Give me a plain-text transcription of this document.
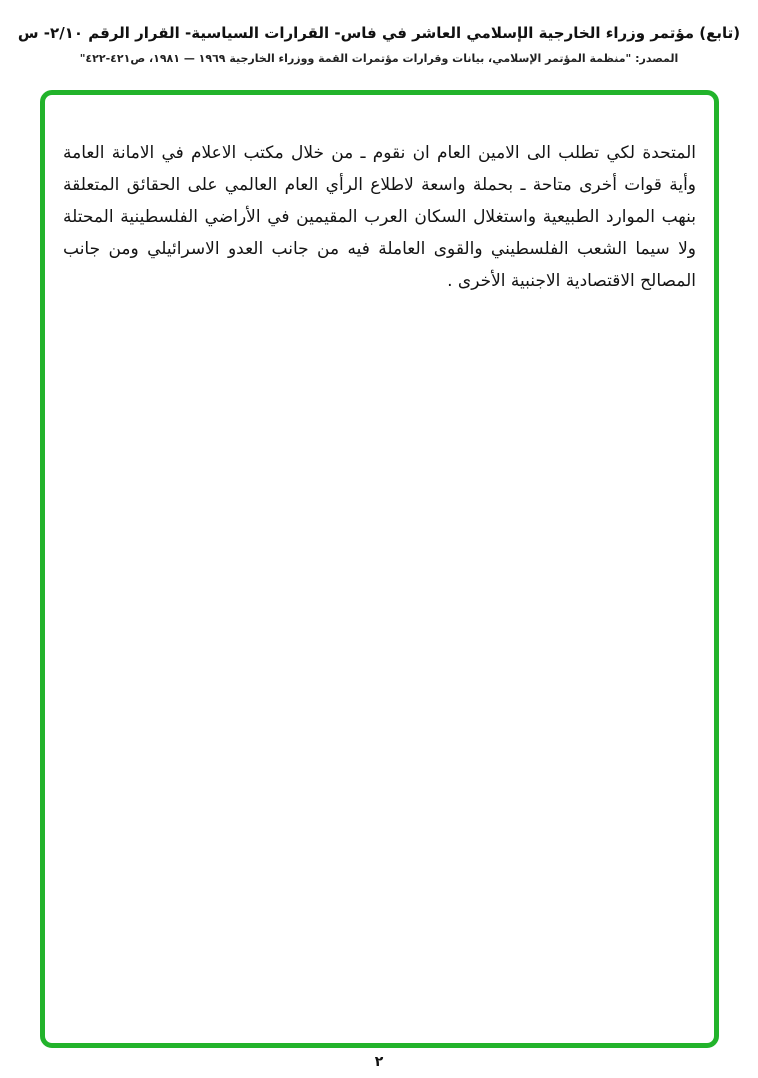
(تابع) مؤتمر وزراء الخارجية الإسلامي العاشر في فاس- القرارات السياسية- القرار الرقم ٢/١٠- س
المصدر: "منظمة المؤتمر الإسلامي، بيانات وقرارات مؤتمرات القمة ووزراء الخارجية ١٩٦٩ — ١٩٨١، ص٤٢١-٤٢٢"
المتحدة لكي تطلب الى الامين العام ان نقوم ـ من خلال مكتب الاعلام في الامانة العامة وأية قوات أخرى متاحة ـ بحملة واسعة لاطلاع الرأي العام العالمي على الحقائق المتعلقة بنهب الموارد الطبيعية واستغلال السكان العرب المقيمين في الأراضي الفلسطينية المحتلة ولا سيما الشعب الفلسطيني والقوى العاملة فيه من جانب العدو الاسرائيلي ومن جانب المصالح الاقتصادية الاجنبية الأخرى .
٢
